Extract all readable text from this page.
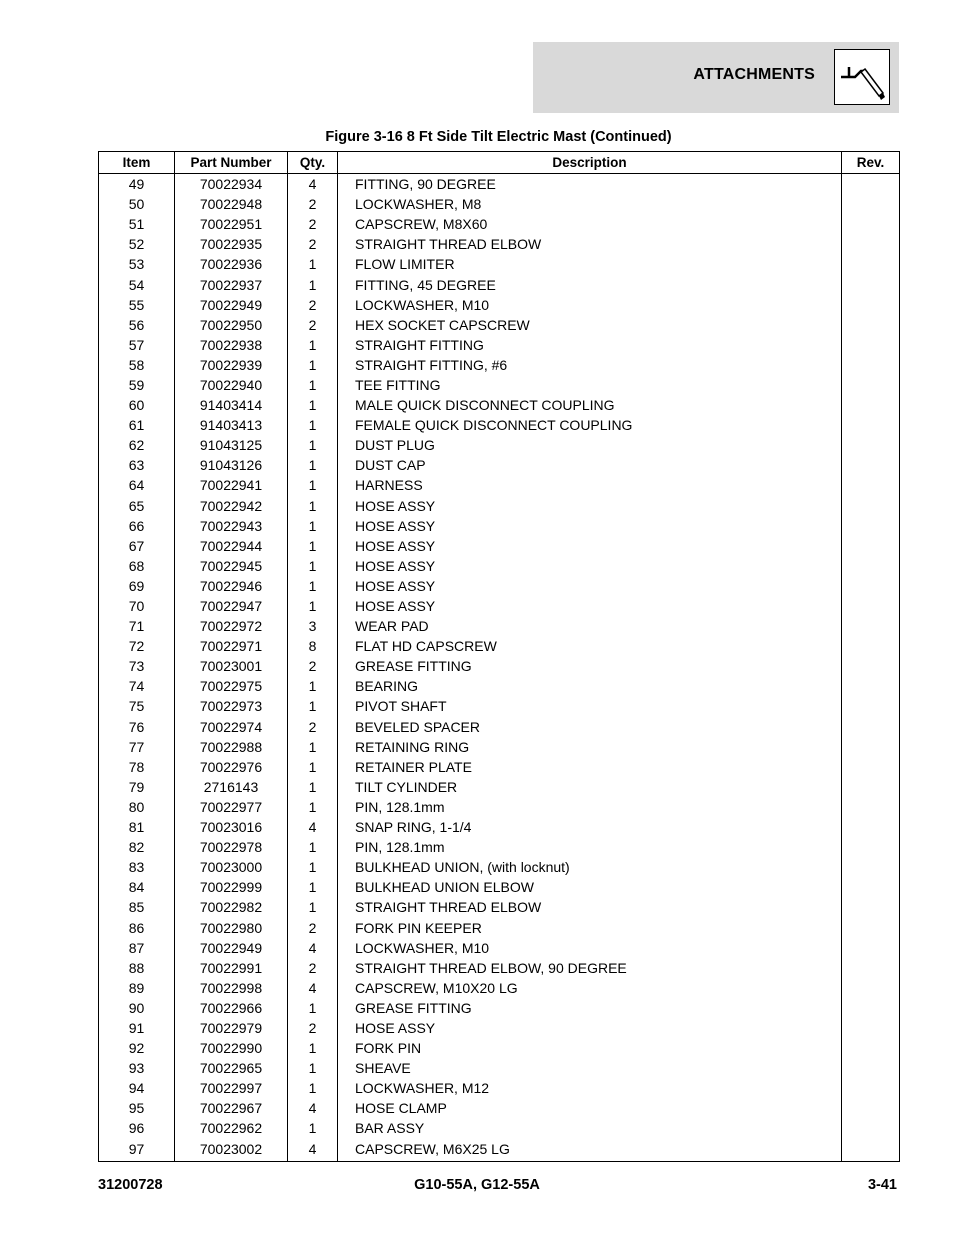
ATTACHMENTS
Figure 3-16 8 Ft Side Tilt Electric Mast (Continued)
Item	Part Number	Qty.	Description	Rev.
49	70022934	4	FITTING, 90 DEGREE	
50	70022948	2	LOCKWASHER, M8	
51	70022951	2	CAPSCREW, M8X60	
52	70022935	2	STRAIGHT THREAD ELBOW	
53	70022936	1	FLOW LIMITER	
54	70022937	1	FITTING, 45 DEGREE	
55	70022949	2	LOCKWASHER, M10	
56	70022950	2	HEX SOCKET CAPSCREW	
57	70022938	1	STRAIGHT FITTING	
58	70022939	1	STRAIGHT FITTING, #6	
59	70022940	1	TEE FITTING	
60	91403414	1	MALE QUICK DISCONNECT COUPLING	
61	91403413	1	FEMALE QUICK DISCONNECT COUPLING	
62	91043125	1	DUST PLUG	
63	91043126	1	DUST CAP	
64	70022941	1	HARNESS	
65	70022942	1	HOSE ASSY	
66	70022943	1	HOSE ASSY	
67	70022944	1	HOSE ASSY	
68	70022945	1	HOSE ASSY	
69	70022946	1	HOSE ASSY	
70	70022947	1	HOSE ASSY	
71	70022972	3	WEAR PAD	
72	70022971	8	FLAT HD CAPSCREW	
73	70023001	2	GREASE FITTING	
74	70022975	1	BEARING	
75	70022973	1	PIVOT SHAFT	
76	70022974	2	BEVELED SPACER	
77	70022988	1	RETAINING RING	
78	70022976	1	RETAINER PLATE	
79	2716143	1	TILT CYLINDER	
80	70022977	1	PIN, 128.1mm	
81	70023016	4	SNAP RING, 1-1/4	
82	70022978	1	PIN, 128.1mm	
83	70023000	1	BULKHEAD UNION, (with locknut)	
84	70022999	1	BULKHEAD UNION ELBOW	
85	70022982	1	STRAIGHT THREAD ELBOW	
86	70022980	2	FORK PIN KEEPER	
87	70022949	4	LOCKWASHER, M10	
88	70022991	2	STRAIGHT THREAD ELBOW, 90 DEGREE	
89	70022998	4	CAPSCREW, M10X20 LG	
90	70022966	1	GREASE FITTING	
91	70022979	2	HOSE ASSY	
92	70022990	1	FORK PIN	
93	70022965	1	SHEAVE	
94	70022997	1	LOCKWASHER, M12	
95	70022967	4	HOSE CLAMP	
96	70022962	1	BAR ASSY	
97	70023002	4	CAPSCREW, M6X25 LG	
31200728	G10-55A, G12-55A	3-41
